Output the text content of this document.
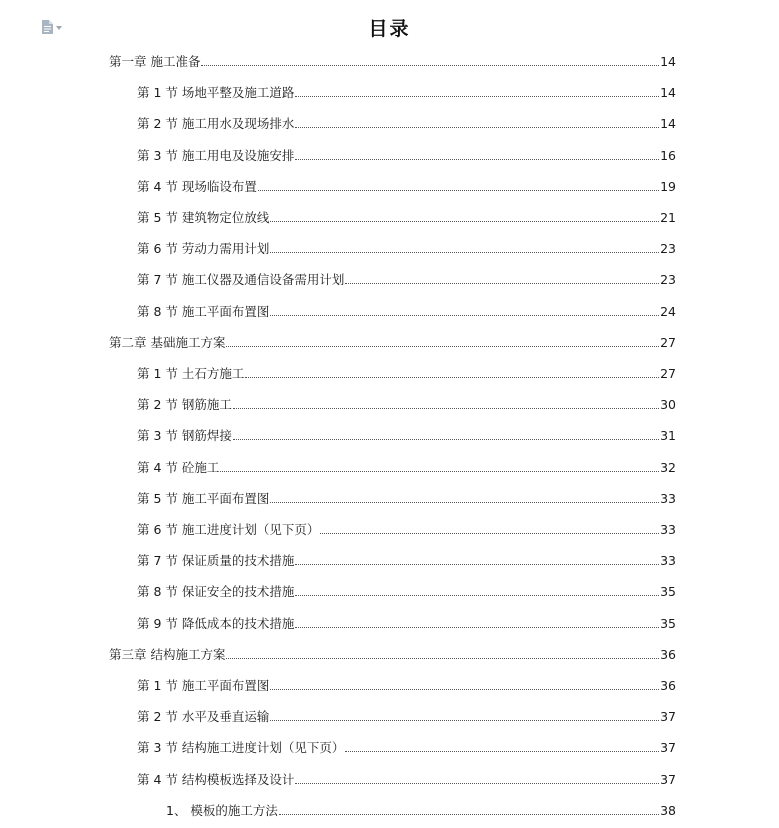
目录
第一章 施工准备	14
第 1 节 场地平整及施工道路	14
第 2 节 施工用水及现场排水	14
第 3 节 施工用电及设施安排	16
第 4 节 现场临设布置	19
第 5 节 建筑物定位放线	21
第 6 节 劳动力需用计划	23
第 7 节 施工仪器及通信设备需用计划	23
第 8 节 施工平面布置图	24
第二章 基础施工方案	27
第 1 节 土石方施工	27
第 2 节 钢筋施工	30
第 3 节 钢筋焊接	31
第 4 节 砼施工	32
第 5 节 施工平面布置图	33
第 6 节 施工进度计划（见下页）	33
第 7 节 保证质量的技术措施	33
第 8 节 保证安全的技术措施	35
第 9 节 降低成本的技术措施	35
第三章 结构施工方案	36
第 1 节 施工平面布置图	36
第 2 节 水平及垂直运输	37
第 3 节 结构施工进度计划（见下页）	37
第 4 节 结构模板选择及设计	37
1、 模板的施工方法	38
